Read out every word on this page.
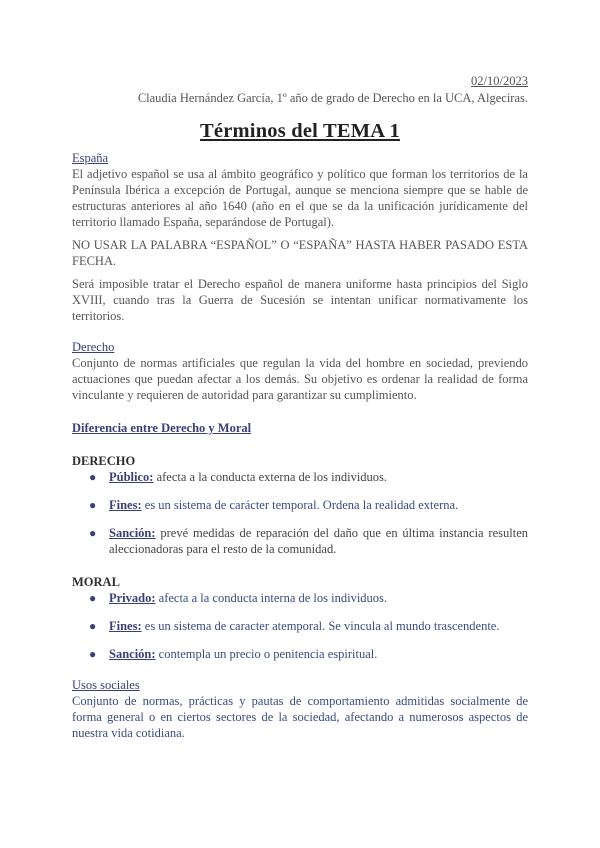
02/10/2023
Claudia Hernández García, 1º año de grado de Derecho en la UCA, Algeciras.
Términos del TEMA 1

España

El adjetivo español se usa al ámbito geográfico y político que forman los territorios de la Península Ibérica a excepción de Portugal, aunque se menciona siempre que se hable de estructuras anteriores al año 1640 (año en el que se da la unificación jurídicamente del territorio llamado España, separándose de Portugal).

NO USAR LA PALABRA “ESPAÑOL” O “ESPAÑA” HASTA HABER PASADO ESTA FECHA.

Será imposible tratar el Derecho español de manera uniforme hasta principios del Siglo XVIII, cuando tras la Guerra de Sucesión se intentan unificar normativamente los territorios.

Derecho

Conjunto de normas artificiales que regulan la vida del hombre en sociedad, previendo actuaciones que puedan afectar a los demás. Su objetivo es ordenar la realidad de forma vinculante y requieren de autoridad para garantizar su cumplimiento.

Diferencia entre Derecho y Moral

DERECHO

● Público: afecta a la conducta externa de los individuos.
● Fines: es un sistema de carácter temporal. Ordena la realidad externa.
● Sanción: prevé medidas de reparación del daño que en última instancia resulten aleccionadoras para el resto de la comunidad.

MORAL

● Privado: afecta a la conducta interna de los individuos.
● Fines: es un sistema de caracter atemporal. Se vincula al mundo trascendente.
● Sanción: contempla un precio o penitencia espiritual.

Usos sociales

Conjunto de normas, prácticas y pautas de comportamiento admitidas socialmente de forma general o en ciertos sectores de la sociedad, afectando a numerosos aspectos de nuestra vida cotidiana.
